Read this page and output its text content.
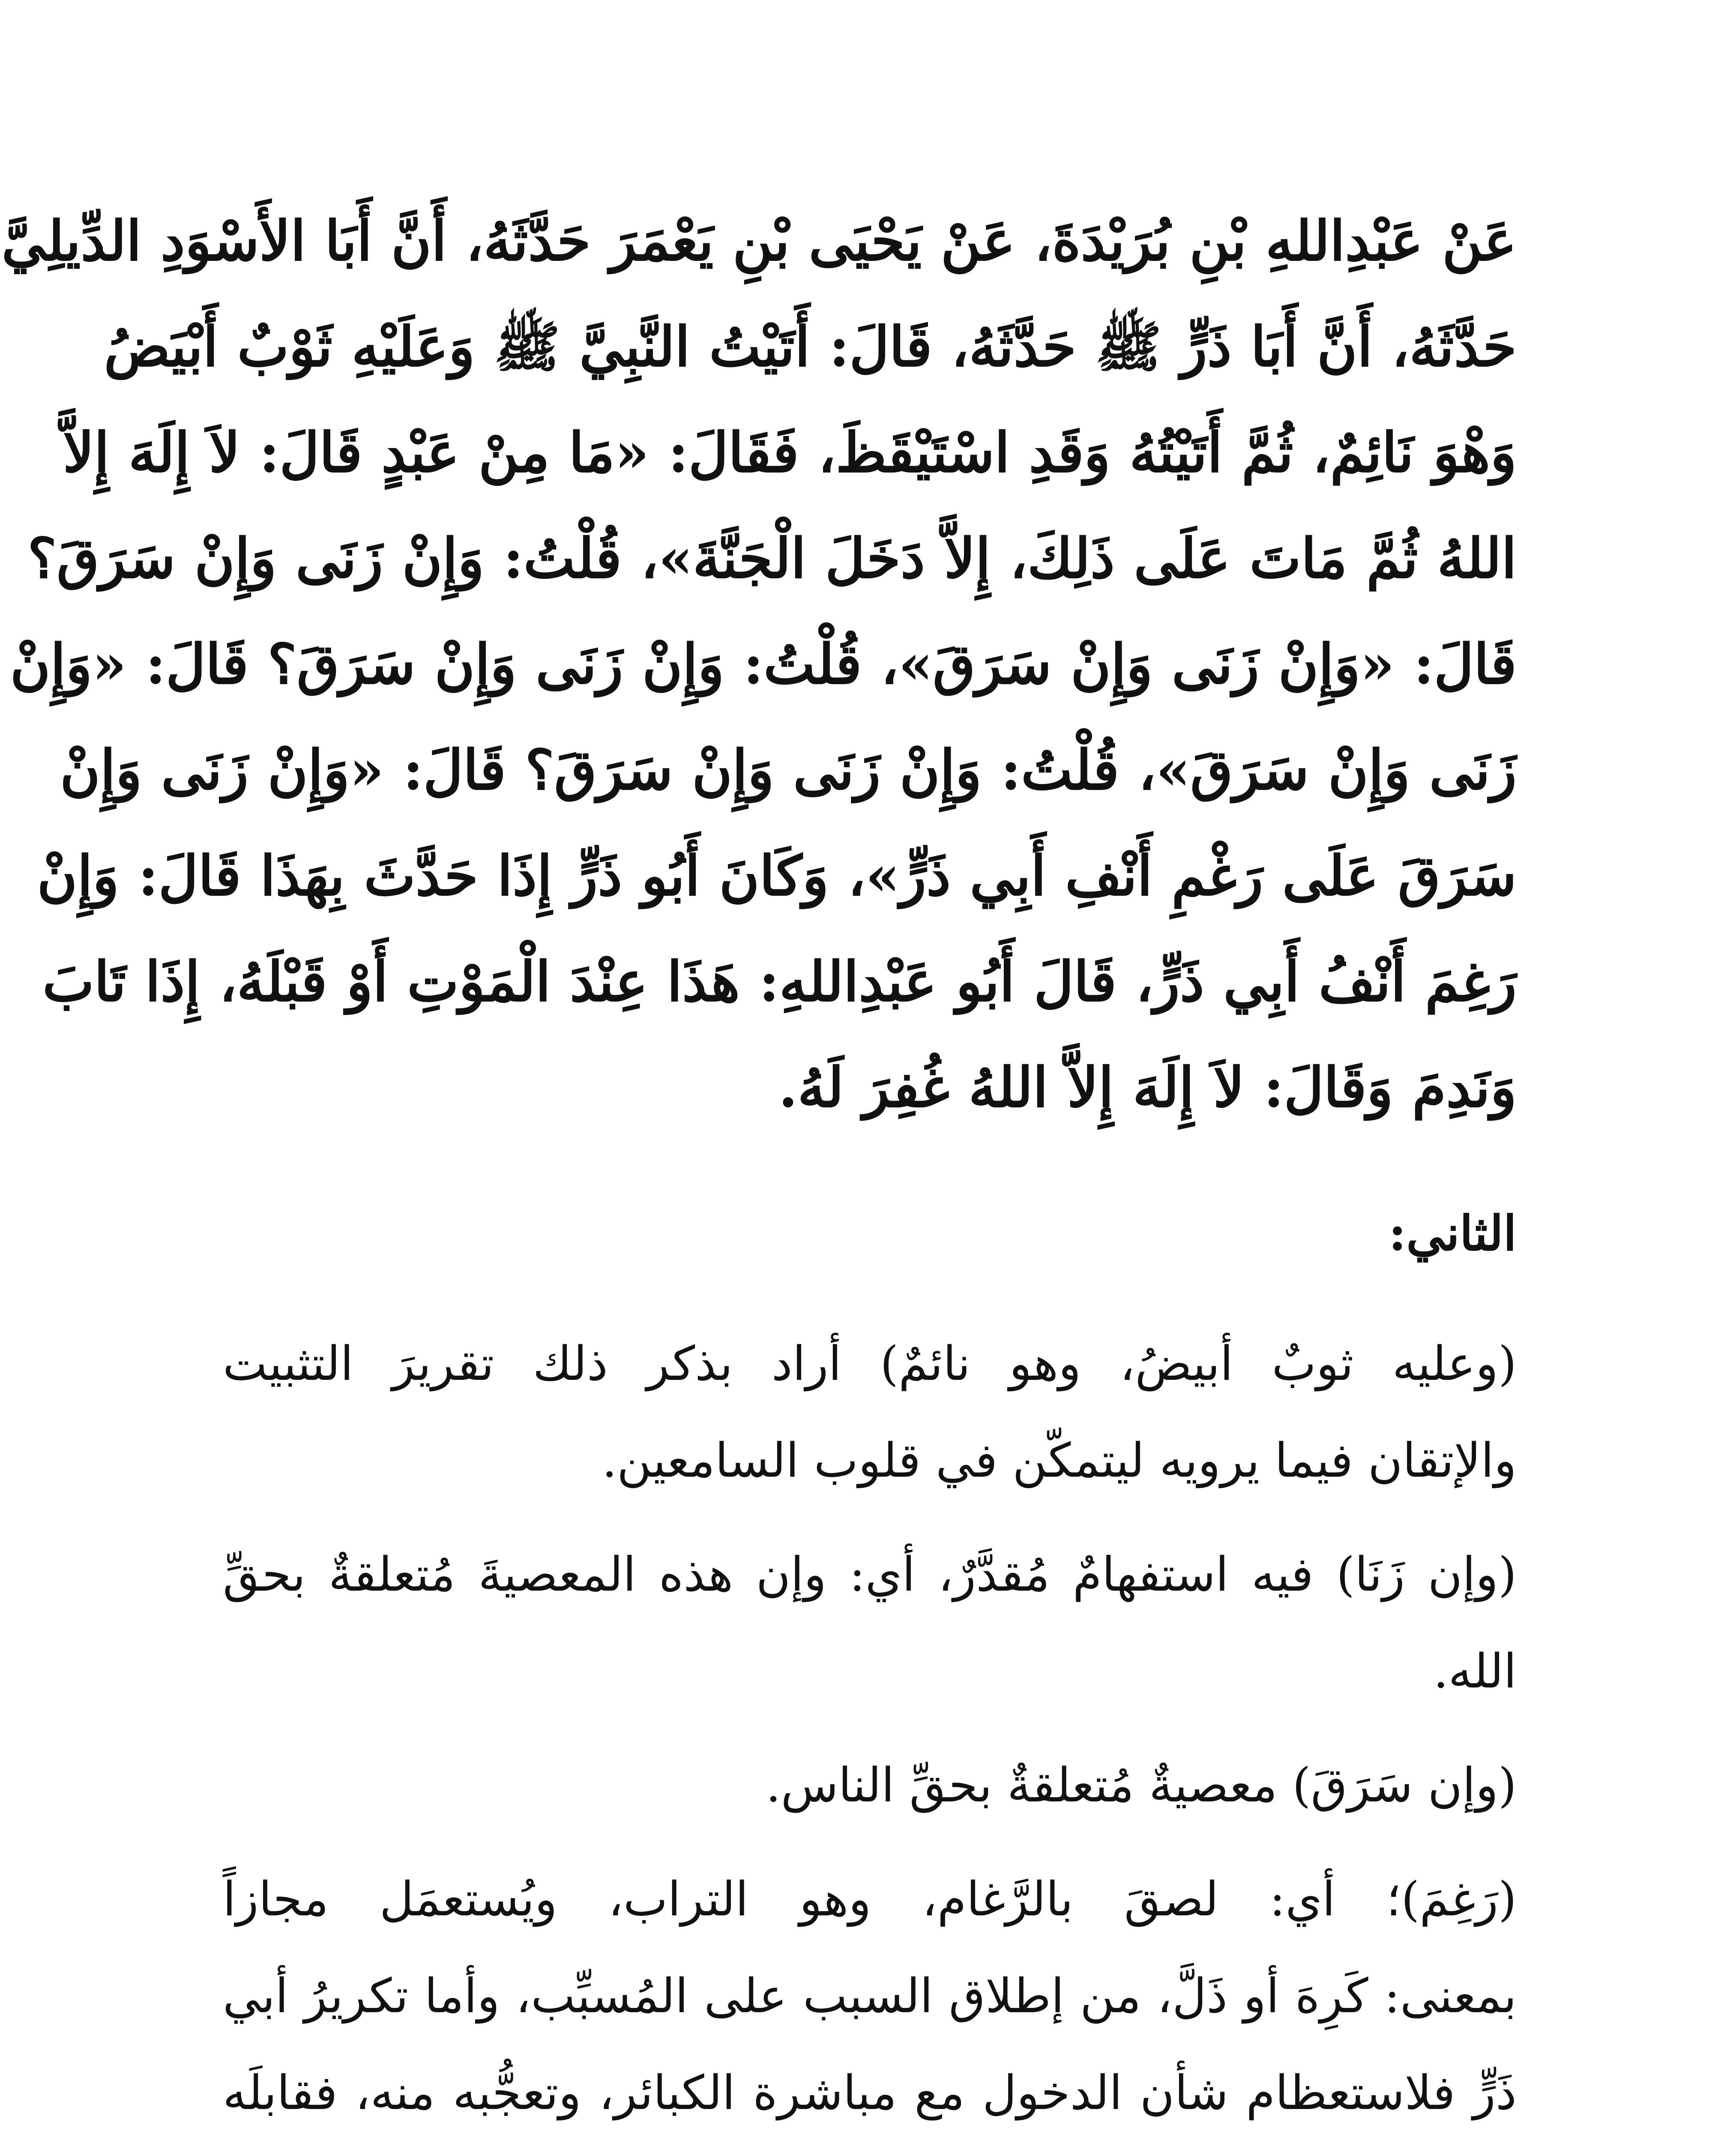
عَنْ عَبْدِاللهِ بْنِ بُرَيْدَةَ، عَنْ يَحْيَى بْنِ يَعْمَرَ حَدَّثَهُ، أَنَّ أَبَا الأَسْوَدِ الدِّيلِيَّ
حَدَّثَهُ، أَنَّ أَبَا ذَرٍّ ﷺ حَدَّثَهُ، قَالَ: أَتَيْتُ النَّبِيَّ ﷺ وَعَلَيْهِ ثَوْبٌ أَبْيَضُ
وَهْوَ نَائِمٌ، ثُمَّ أَتَيْتُهُ وَقَدِ اسْتَيْقَظَ، فَقَالَ: «مَا مِنْ عَبْدٍ قَالَ: لاَ إِلَهَ إِلاَّ
اللهُ ثُمَّ مَاتَ عَلَى ذَلِكَ، إِلاَّ دَخَلَ الْجَنَّةَ»، قُلْتُ: وَإِنْ زَنَى وَإِنْ سَرَقَ؟
قَالَ: «وَإِنْ زَنَى وَإِنْ سَرَقَ»، قُلْتُ: وَإِنْ زَنَى وَإِنْ سَرَقَ؟ قَالَ: «وَإِنْ
زَنَى وَإِنْ سَرَقَ»، قُلْتُ: وَإِنْ زَنَى وَإِنْ سَرَقَ؟ قَالَ: «وَإِنْ زَنَى وَإِنْ
سَرَقَ عَلَى رَغْمِ أَنْفِ أَبِي ذَرٍّ»، وَكَانَ أَبُو ذَرٍّ إِذَا حَدَّثَ بِهَذَا قَالَ: وَإِنْ
رَغِمَ أَنْفُ أَبِي ذَرٍّ، قَالَ أَبُو عَبْدِاللهِ: هَذَا عِنْدَ الْمَوْتِ أَوْ قَبْلَهُ، إِذَا تَابَ
وَنَدِمَ وَقَالَ: لاَ إِلَهَ إِلاَّ اللهُ غُفِرَ لَهُ.
الثاني:
(وعليه ثوبٌ أبيضُ، وهو نائمٌ) أراد بذكر ذلك تقريرَ التثبيت
والإتقان فيما يرويه ليتمكّن في قلوب السامعين.
(وإن زَنَا) فيه استفهامٌ مُقدَّرٌ، أي: وإن هذه المعصيةَ مُتعلقةٌ بحقِّ
الله.
(وإن سَرَقَ) معصيةٌ مُتعلقةٌ بحقِّ الناس.
(رَغِمَ)؛ أي: لصقَ بالرَّغام، وهو التراب، ويُستعمَل مجازاً
بمعنى: كَرِهَ أو ذَلَّ، من إطلاق السبب على المُسبِّب، وأما تكريرُ أبي
ذَرٍّ فلاستعظام شأن الدخول مع مباشرة الكبائر، وتعجُّبه منه، فقابلَه
